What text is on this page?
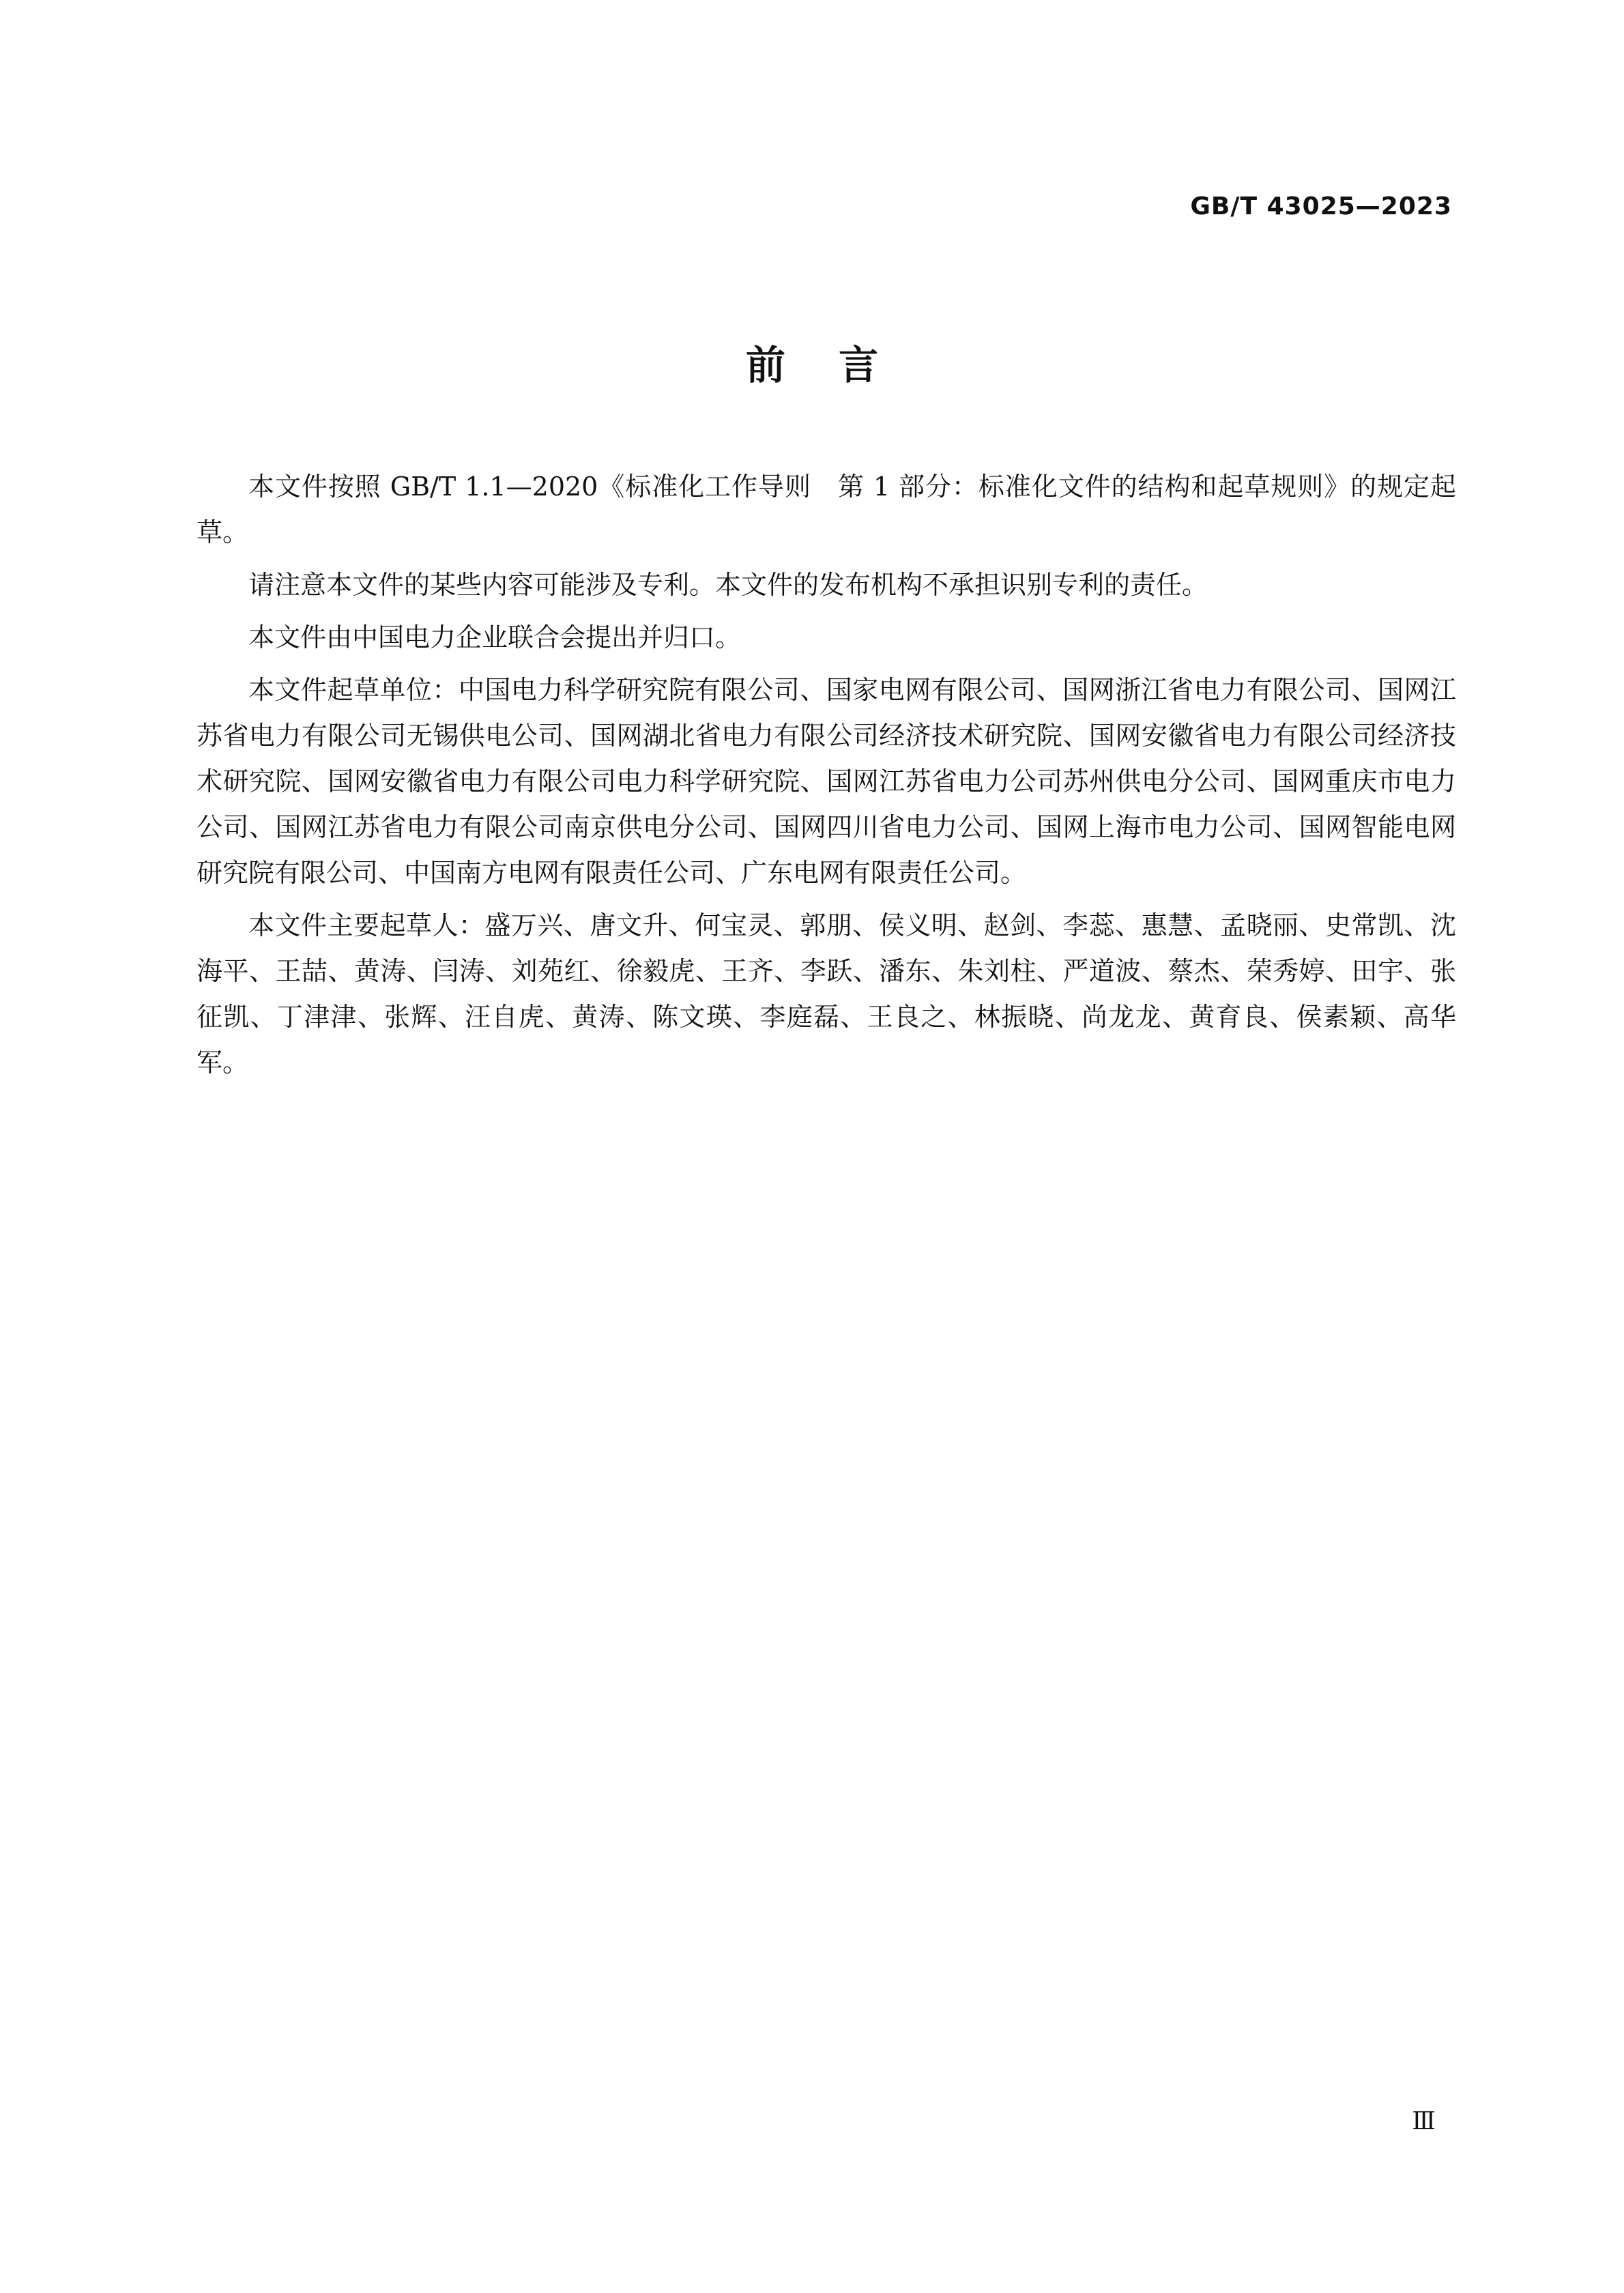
GB/T 43025—2023
前言

本文件按照 GB/T 1.1—2020《标准化工作导则　第 1 部分：标准化文件的结构和起草规则》的规定起草。

请注意本文件的某些内容可能涉及专利。本文件的发布机构不承担识别专利的责任。

本文件由中国电力企业联合会提出并归口。

本文件起草单位：中国电力科学研究院有限公司、国家电网有限公司、国网浙江省电力有限公司、国网江苏省电力有限公司无锡供电公司、国网湖北省电力有限公司经济技术研究院、国网安徽省电力有限公司经济技术研究院、国网安徽省电力有限公司电力科学研究院、国网江苏省电力公司苏州供电分公司、国网重庆市电力公司、国网江苏省电力有限公司南京供电分公司、国网四川省电力公司、国网上海市电力公司、国网智能电网研究院有限公司、中国南方电网有限责任公司、广东电网有限责任公司。

本文件主要起草人：盛万兴、唐文升、何宝灵、郭朋、侯义明、赵剑、李蕊、惠慧、孟晓丽、史常凯、沈海平、王喆、黄涛、闫涛、刘苑红、徐毅虎、王齐、李跃、潘东、朱刘柱、严道波、蔡杰、荣秀婷、田宇、张征凯、丁津津、张辉、汪自虎、黄涛、陈文瑛、李庭磊、王良之、林振晓、尚龙龙、黄育良、侯素颖、高华军。

Ⅲ
